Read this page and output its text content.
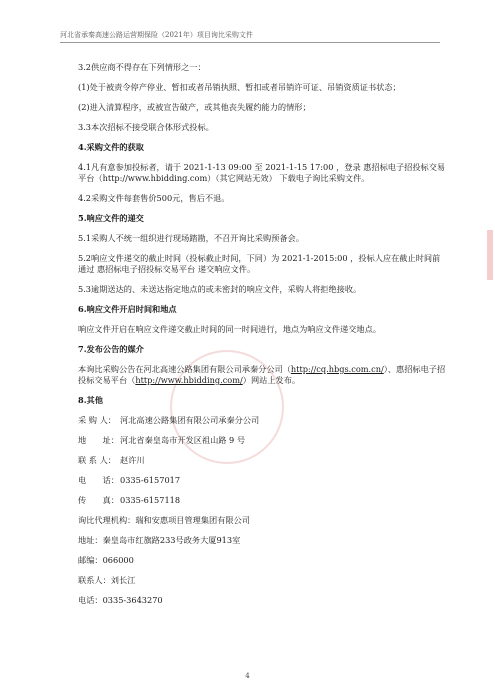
河北省承秦高速公路运营期保险（2021年）项目询比采购文件

3.2供应商不得存在下列情形之一：

(1)处于被责令停产停业、暂扣或者吊销执照、暂扣或者吊销许可证、吊销资质证书状态；

(2)进入清算程序，或被宣告破产，或其他丧失履约能力的情形；

3.3本次招标不接受联合体形式投标。

4.采购文件的获取

4.1凡有意参加投标者，请于 2021-1-13 09:00 至 2021-1-15 17:00 ，登录 惠招标电子招投标交易平台（http://www.hbidding.com）（其它网站无效） 下载电子询比采购文件。

4.2采购文件每套售价500元，售后不退。

5.响应文件的递交

5.1采购人不统一组织进行现场踏勘，不召开询比采购预备会。

5.2响应文件递交的截止时间（投标截止时间，下同）为 2021-1-2015:00 ，投标人应在截止时间前通过 惠招标电子招投标交易平台 递交响应文件。

5.3逾期送达的、未送达指定地点的或未密封的响应文件，采购人将拒绝接收。

6.响应文件开启时间和地点

响应文件开启在响应文件递交截止时间的同一时间进行，地点为响应文件递交地点。

7.发布公告的媒介

本询比采购公告在河北高速公路集团有限公司承秦分公司（http://cq.hbgs.com.cn/）、惠招标电子招投标交易平台（http://www.hbidding.com/）网站上发布。

8.其他

采 购 人： 河北高速公路集团有限公司承秦分公司
地　　址： 河北省秦皇岛市开发区祖山路 9 号
联 系 人： 赵许川
电　　话： 0335-6157017
传　　真： 0335-6157118

询比代理机构：瑞和安惠项目管理集团有限公司

地址：秦皇岛市红旗路233号政务大厦913室

邮编：066000

联系人：刘长江

电话：0335-3643270

4
